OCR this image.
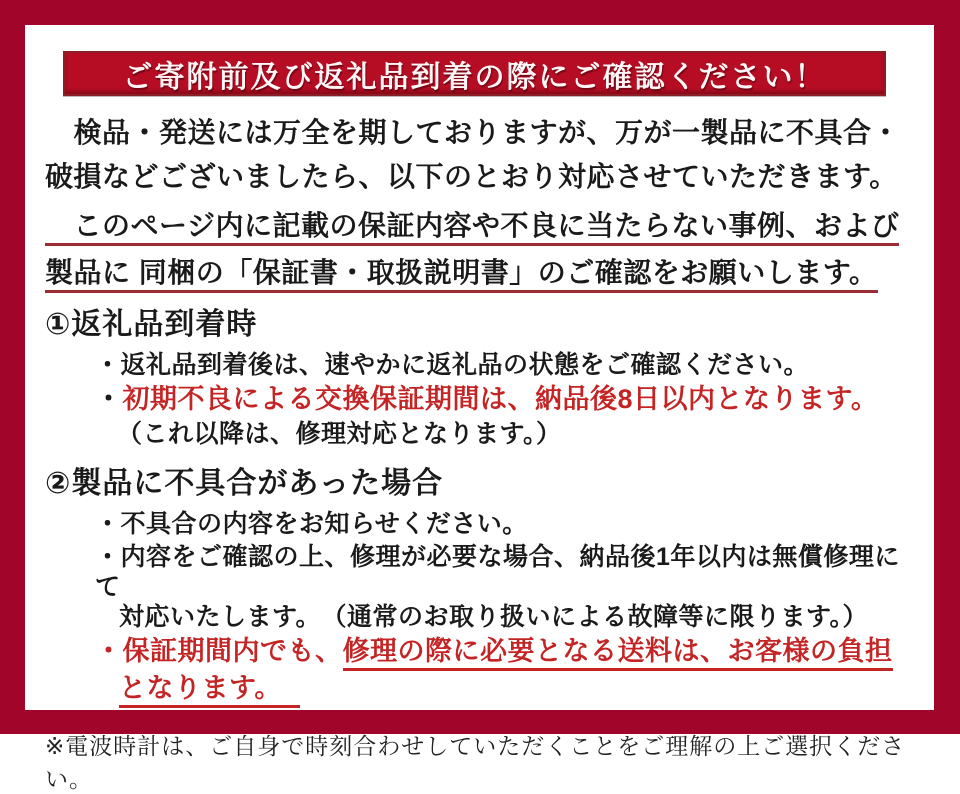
ご寄附前及び返礼品到着の際にご確認ください！
　検品・発送には万全を期しておりますが、万が一製品に不具合・
破損などございましたら、以下のとおり対応させていただきます。
　このページ内に記載の保証内容や不良に当たらない事例、および
製品に 同梱の「保証書・取扱説明書」のご確認をお願いします。
①返礼品到着時
・返礼品到着後は、速やかに返礼品の状態をご確認ください。
・初期不良による交換保証期間は、納品後8日以内となります。
（これ以降は、修理対応となります。）
②製品に不具合があった場合
・不具合の内容をお知らせください。
・内容をご確認の上、修理が必要な場合、納品後1年以内は無償修理にて
対応いたします。　（通常のお取り扱いによる故障等に限ります。）
・保証期間内でも、修理の際に必要となる送料は、お客様の負担
となります。
※電波時計は、ご自身で時刻合わせしていただくことをご理解の上ご選択ください。
